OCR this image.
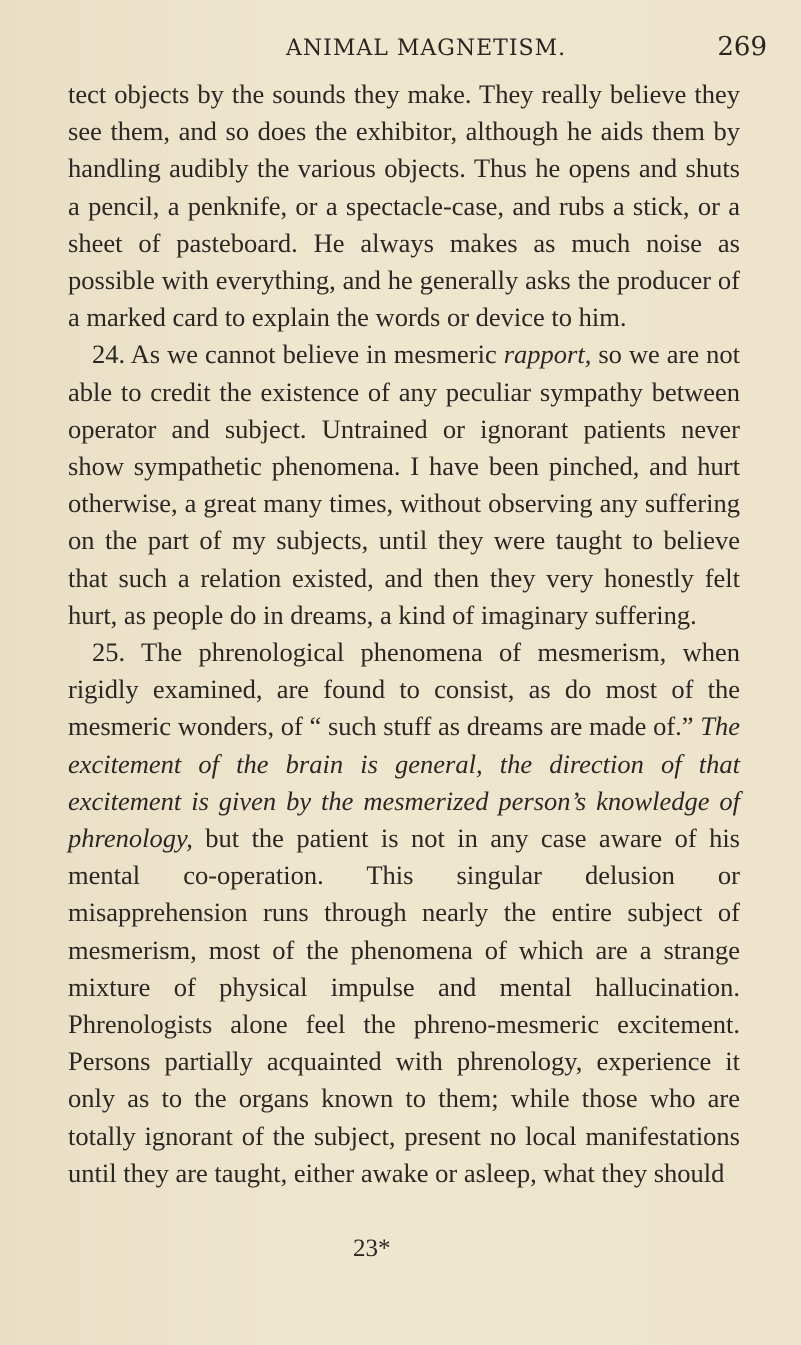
ANIMAL MAGNETISM.	269

tect objects by the sounds they make. They really believe they see them, and so does the exhibitor, although he aids them by handling audibly the various objects. Thus he opens and shuts a pencil, a penknife, or a spectacle-case, and rubs a stick, or a sheet of pasteboard. He always makes as much noise as possible with everything, and he generally asks the producer of a marked card to explain the words or device to him.

24. As we cannot believe in mesmeric rapport, so we are not able to credit the existence of any peculiar sympathy between operator and subject. Untrained or ignorant patients never show sympathetic phenomena. I have been pinched, and hurt otherwise, a great many times, without observing any suffering on the part of my subjects, until they were taught to believe that such a relation existed, and then they very honestly felt hurt, as people do in dreams, a kind of imaginary suffering.

25. The phrenological phenomena of mesmerism, when rigidly examined, are found to consist, as do most of the mesmeric wonders, of “ such stuff as dreams are made of.” The excitement of the brain is general, the direction of that excitement is given by the mesmerized person’s knowledge of phrenology, but the patient is not in any case aware of his mental co-operation. This singular delusion or misapprehension runs through nearly the entire subject of mesmerism, most of the phenomena of which are a strange mixture of physical impulse and mental hallucination. Phrenologists alone feel the phreno-mesmeric excitement. Persons partially acquainted with phrenology, experience it only as to the organs known to them; while those who are totally ignorant of the subject, present no local manifestations until they are taught, either awake or asleep, what they should

23*
